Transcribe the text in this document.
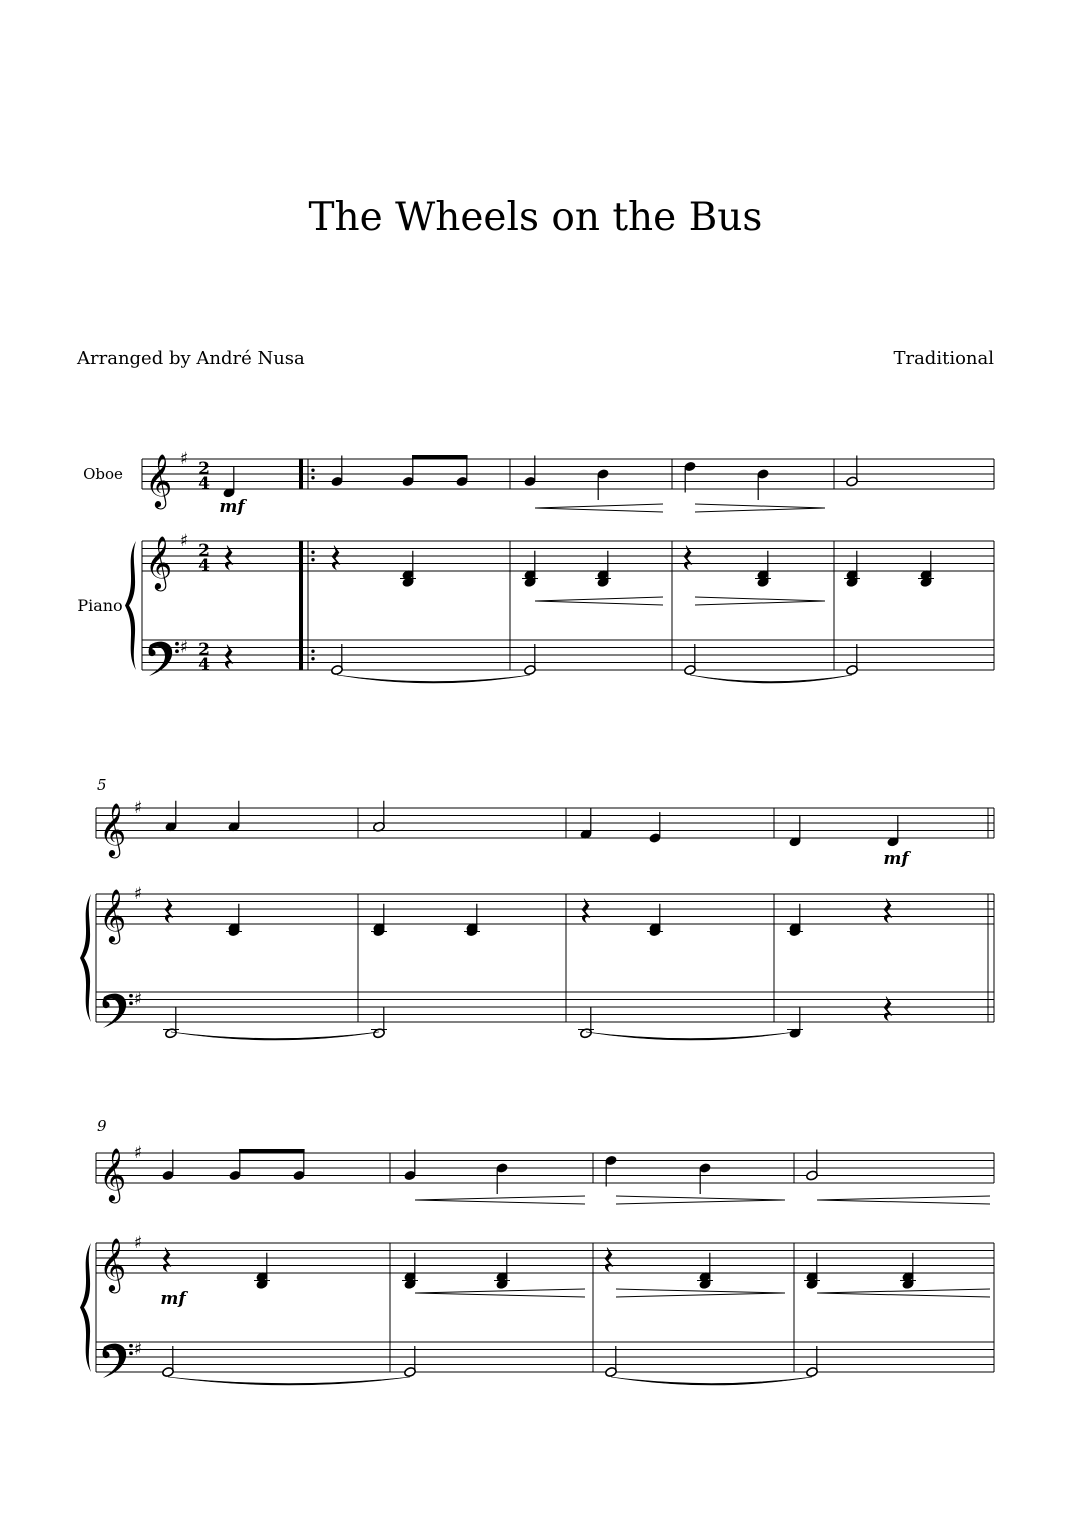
The Wheels on the Bus
Arranged by André Nusa	Traditional
Oboe
Piano
𝄞 ♯ 2
4
𝄞 ♯ 2
4
♯ 2
4
mf
5
𝄞 ♯
𝄞 ♯
♯
mf
9
𝄞 ♯
𝄞 ♯
♯
mf
